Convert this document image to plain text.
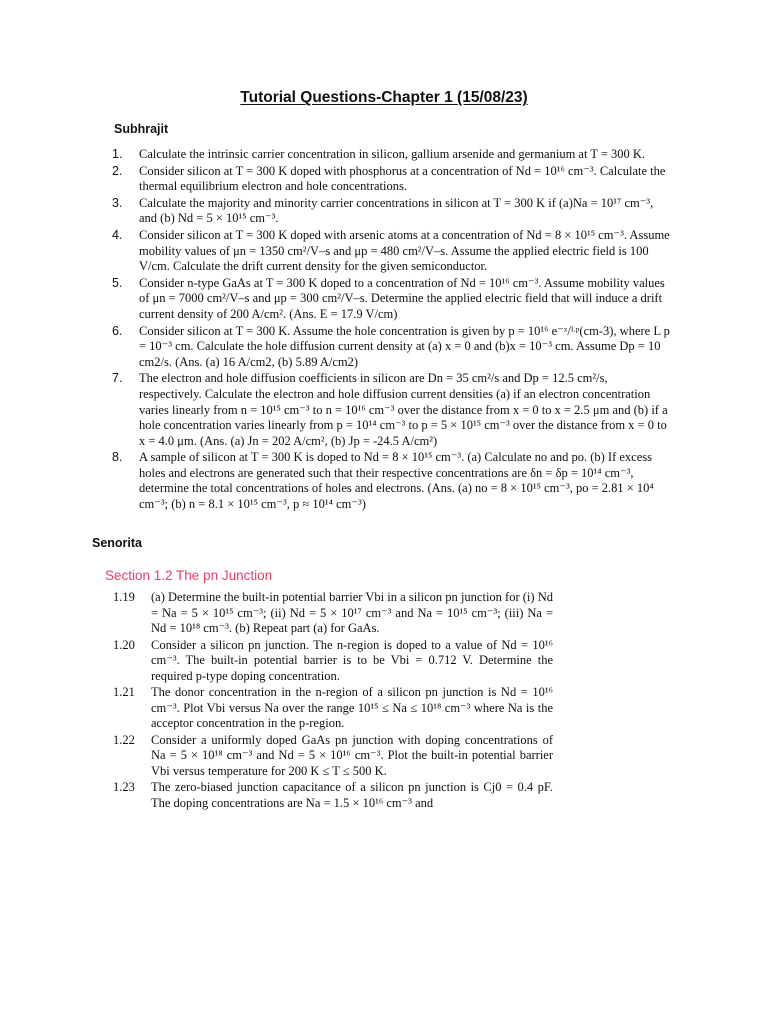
Tutorial Questions-Chapter 1 (15/08/23)

Subhrajit

1. Calculate the intrinsic carrier concentration in silicon, gallium arsenide and germanium at T = 300 K.
2. Consider silicon at T = 300 K doped with phosphorus at a concentration of Nd = 10¹⁶ cm⁻³. Calculate the thermal equilibrium electron and hole concentrations.
3. Calculate the majority and minority carrier concentrations in silicon at T = 300 K if (a)Na = 10¹⁷ cm⁻³, and (b) Nd = 5 × 10¹⁵ cm⁻³.
4. Consider silicon at T = 300 K doped with arsenic atoms at a concentration of Nd = 8 × 10¹⁵ cm⁻³. Assume mobility values of μn = 1350 cm²/V–s and μp = 480 cm²/V–s. Assume the applied electric field is 100 V/cm. Calculate the drift current density for the given semiconductor.
5. Consider n-type GaAs at T = 300 K doped to a concentration of Nd = 10¹⁶ cm⁻³. Assume mobility values of μn = 7000 cm²/V–s and μp = 300 cm²/V–s. Determine the applied electric field that will induce a drift current density of 200 A/cm². (Ans. E = 17.9 V/cm)
6. Consider silicon at T = 300 K. Assume the hole concentration is given by p = 10¹⁶ e⁻ˣ/ᴸᵖ(cm-3), where L p = 10⁻³ cm. Calculate the hole diffusion current density at (a) x = 0 and (b)x = 10⁻³ cm. Assume Dp = 10 cm2/s. (Ans. (a) 16 A/cm2, (b) 5.89 A/cm2)
7. The electron and hole diffusion coefficients in silicon are Dn = 35 cm²/s and Dp = 12.5 cm²/s, respectively. Calculate the electron and hole diffusion current densities (a) if an electron concentration varies linearly from n = 10¹⁵ cm⁻³ to n = 10¹⁶ cm⁻³ over the distance from x = 0 to x = 2.5 μm and (b) if a hole concentration varies linearly from p = 10¹⁴ cm⁻³ to p = 5 × 10¹⁵ cm⁻³ over the distance from x = 0 to x = 4.0 μm. (Ans. (a) Jn = 202 A/cm², (b) Jp = -24.5 A/cm²)
8. A sample of silicon at T = 300 K is doped to Nd = 8 × 10¹⁵ cm⁻³. (a) Calculate no and po. (b) If excess holes and electrons are generated such that their respective concentrations are δn = δp = 10¹⁴ cm⁻³, determine the total concentrations of holes and electrons. (Ans. (a) no = 8 × 10¹⁵ cm⁻³, po = 2.81 × 10⁴ cm⁻³; (b) n = 8.1 × 10¹⁵ cm⁻³, p ≈ 10¹⁴ cm⁻³)

Senorita

Section 1.2 The pn Junction
1.19 (a) Determine the built-in potential barrier Vbi in a silicon pn junction for (i) Nd = Na = 5 × 10¹⁵ cm⁻³; (ii) Nd = 5 × 10¹⁷ cm⁻³ and Na = 10¹⁵ cm⁻³; (iii) Na = Nd = 10¹⁸ cm⁻³. (b) Repeat part (a) for GaAs.
1.20 Consider a silicon pn junction. The n-region is doped to a value of Nd = 10¹⁶ cm⁻³. The built-in potential barrier is to be Vbi = 0.712 V. Determine the required p-type doping concentration.
1.21 The donor concentration in the n-region of a silicon pn junction is Nd = 10¹⁶ cm⁻³. Plot Vbi versus Na over the range 10¹⁵ ≤ Na ≤ 10¹⁸ cm⁻³ where Na is the acceptor concentration in the p-region.
1.22 Consider a uniformly doped GaAs pn junction with doping concentrations of Na = 5 × 10¹⁸ cm⁻³ and Nd = 5 × 10¹⁶ cm⁻³. Plot the built-in potential barrier Vbi versus temperature for 200 K ≤ T ≤ 500 K.
1.23 The zero-biased junction capacitance of a silicon pn junction is Cj0 = 0.4 pF. The doping concentrations are Na = 1.5 × 10¹⁶ cm⁻³ and
